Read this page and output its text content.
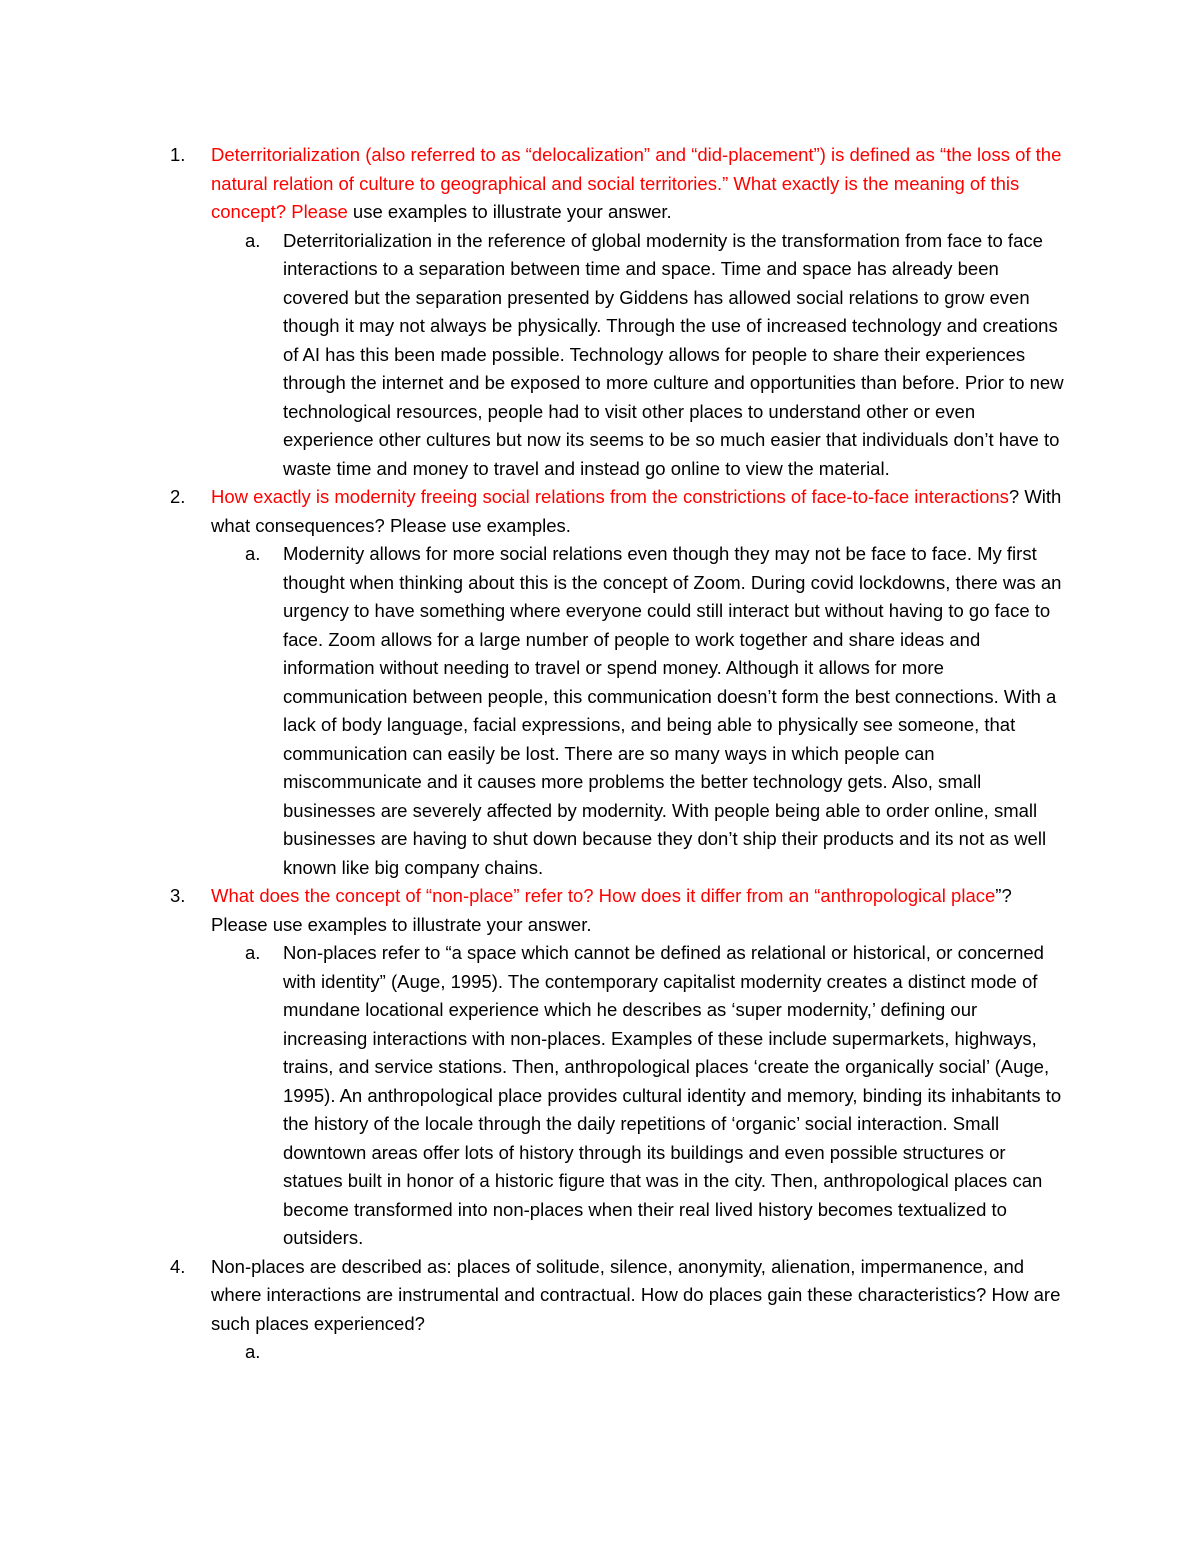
1. Deterritorialization (also referred to as “delocalization” and “did-placement”) is defined as “the loss of the natural relation of culture to geographical and social territories.” What exactly is the meaning of this concept? Please use examples to illustrate your answer.

a. Deterritorialization in the reference of global modernity is the transformation from face to face interactions to a separation between time and space. Time and space has already been covered but the separation presented by Giddens has allowed social relations to grow even though it may not always be physically. Through the use of increased technology and creations of AI has this been made possible. Technology allows for people to share their experiences through the internet and be exposed to more culture and opportunities than before. Prior to new technological resources, people had to visit other places to understand other or even experience other cultures but now its seems to be so much easier that individuals don’t have to waste time and money to travel and instead go online to view the material.

2. How exactly is modernity freeing social relations from the constrictions of face-to-face interactions? With what consequences? Please use examples.

a. Modernity allows for more social relations even though they may not be face to face. My first thought when thinking about this is the concept of Zoom. During covid lockdowns, there was an urgency to have something where everyone could still interact but without having to go face to face. Zoom allows for a large number of people to work together and share ideas and information without needing to travel or spend money. Although it allows for more communication between people, this communication doesn’t form the best connections. With a lack of body language, facial expressions, and being able to physically see someone, that communication can easily be lost. There are so many ways in which people can miscommunicate and it causes more problems the better technology gets. Also, small businesses are severely affected by modernity. With people being able to order online, small businesses are having to shut down because they don’t ship their products and its not as well known like big company chains.

3. What does the concept of “non-place” refer to? How does it differ from an “anthropological place”? Please use examples to illustrate your answer.

a. Non-places refer to “a space which cannot be defined as relational or historical, or concerned with identity” (Auge, 1995). The contemporary capitalist modernity creates a distinct mode of mundane locational experience which he describes as ‘super modernity,’ defining our increasing interactions with non-places. Examples of these include supermarkets, highways, trains, and service stations. Then, anthropological places ‘create the organically social’ (Auge, 1995). An anthropological place provides cultural identity and memory, binding its inhabitants to the history of the locale through the daily repetitions of ‘organic’ social interaction. Small downtown areas offer lots of history through its buildings and even possible structures or statues built in honor of a historic figure that was in the city. Then, anthropological places can become transformed into non-places when their real lived history becomes textualized to outsiders.

4. Non-places are described as: places of solitude, silence, anonymity, alienation, impermanence, and where interactions are instrumental and contractual. How do places gain these characteristics? How are such places experienced?

a.
